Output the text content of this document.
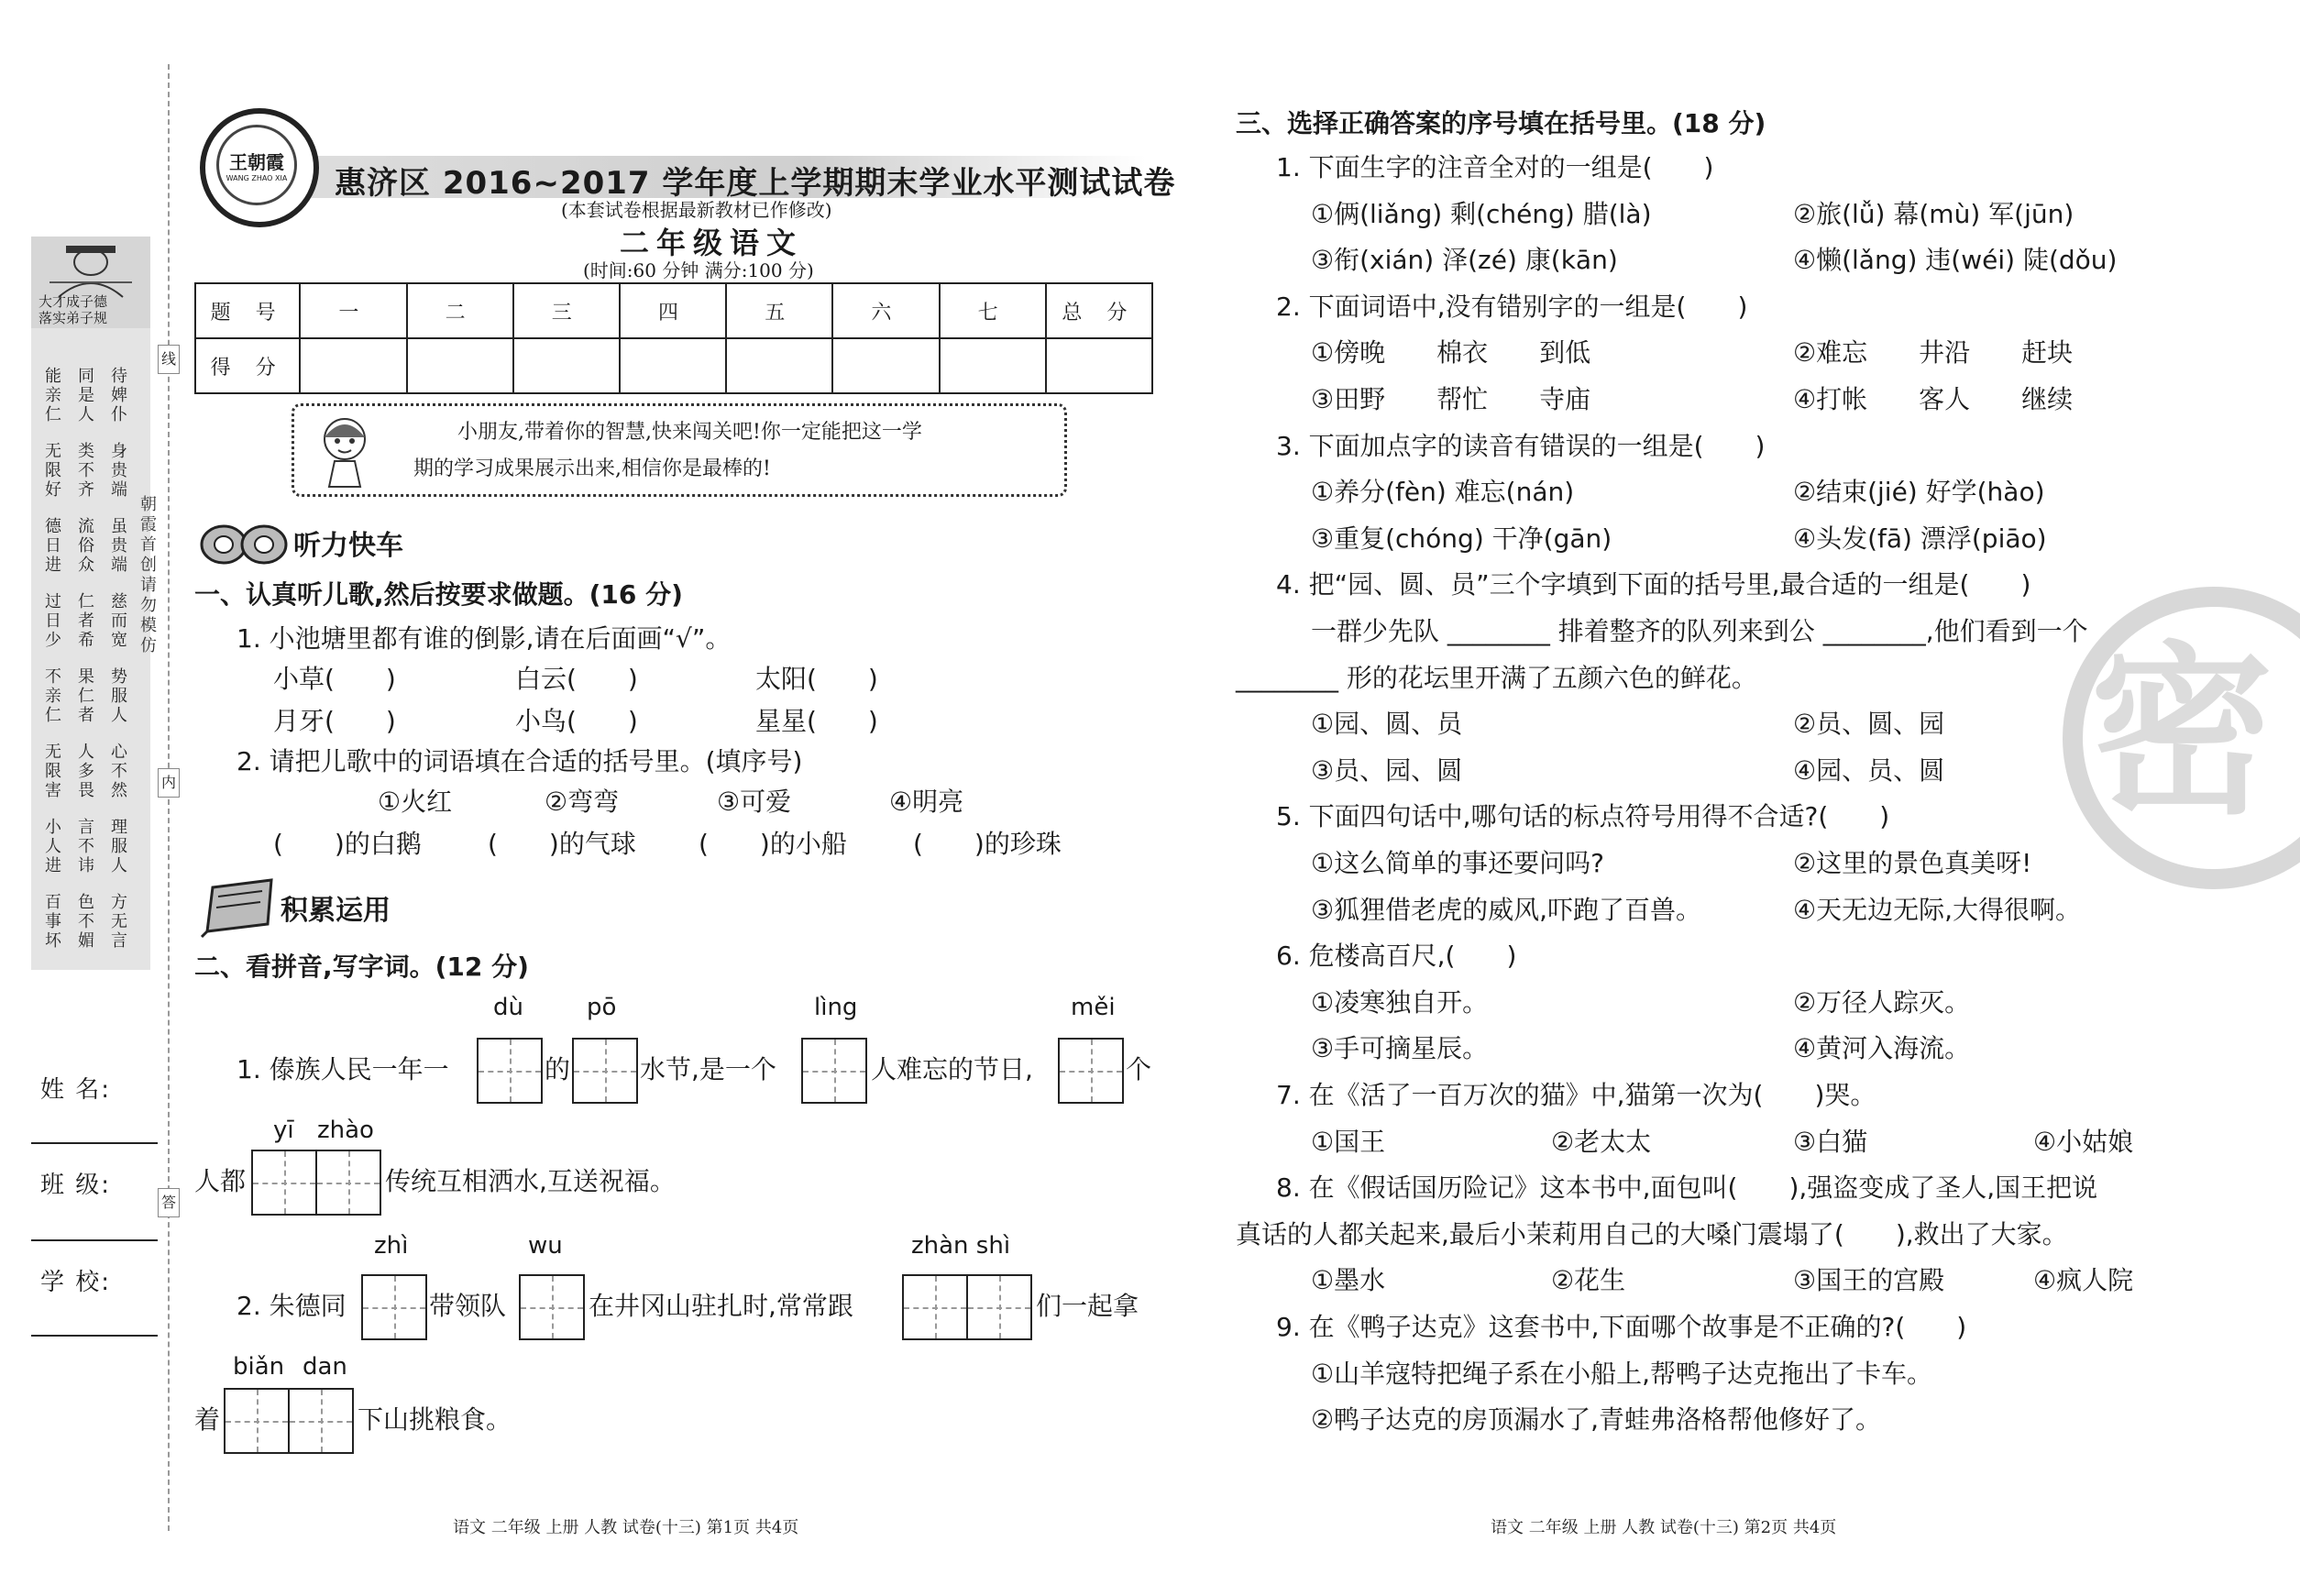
大才成子德
落实弟子规
能亲仁
同是人
待婢仆
无限好
类不齐
身贵端
德日进
流俗众
虽贵端
过日少
仁者希
慈而宽
不亲仁
果仁者
势服人
无限害
人多畏
心不然
小人进
言不讳
理服人
百事坏
色不媚
方无言
朝霞首创 请勿模仿
线
内
答
姓 名:
班 级:
学 校:
王朝霞
WANG ZHAO XIA 惠济区 2016~2017 学年度上学期期末学业水平测试试卷
(本套试卷根据最新教材已作修改)
二年级语文
(时间:60 分钟 满分:100 分)
题 号	一	二	三	四	五	六	七	总 分
得 分								
小朋友,带着你的智慧,快来闯关吧!你一定能把这一学
期的学习成果展示出来,相信你是最棒的!
听力快车
一、认真听儿歌,然后按要求做题。(16 分)
1. 小池塘里都有谁的倒影,请在后面画“√”。
小草(　　)	白云(　　)	太阳(　　)
月牙(　　)	小鸟(　　)	星星(　　)
2. 请把儿歌中的词语填在合适的括号里。(填序号)
①火红	②弯弯	③可爱	④明亮
(　　)的白鹅	(　　)的气球 (　　)的小船	(　　)的珍珠
积累运用
二、看拼音,写字词。(12 分)
dù	pō	lìng	měi
1. 傣族人民一年一	的	水节,是一个	人难忘的节日,	个
yī zhào
人都	传统互相洒水,互送祝福。
zhì	wu	zhàn shì
2. 朱德同	带领队	在井冈山驻扎时,常常跟	们一起拿
biǎn dan
着	下山挑粮食。
语文 二年级 上册 人教 试卷(十三) 第1页 共4页
密
三、选择正确答案的序号填在括号里。(18 分)
1. 下面生字的注音全对的一组是(　　)
①俩(liǎng) 剩(chéng) 腊(là)	②旅(lǚ) 幕(mù) 军(jūn)
③衔(xián) 泽(zé) 康(kān)	④懒(lǎng) 违(wéi) 陡(dǒu)
2. 下面词语中,没有错别字的一组是(　　)
①傍晚　　棉衣　　到低	②难忘　　井沿　　赶块
③田野　　帮忙　　寺庙	④打帐　　客人　　继续
3. 下面加点字的读音有错误的一组是(　　)
①养分(fèn) 难忘(nán)	②结束(jié) 好学(hào)
③重复(chóng) 干净(gān)	④头发(fā) 漂浮(piāo)
4. 把“园、圆、员”三个字填到下面的括号里,最合适的一组是(　　)
一群少先队 ________ 排着整齐的队列来到公 ________,他们看到一个
________ 形的花坛里开满了五颜六色的鲜花。
①园、圆、员	②员、圆、园
③员、园、圆	④园、员、圆
5. 下面四句话中,哪句话的标点符号用得不合适?(　　)
①这么简单的事还要问吗?	②这里的景色真美呀!
③狐狸借老虎的威风,吓跑了百兽。	④天无边无际,大得很啊。
6. 危楼高百尺,(　　)
①凌寒独自开。	②万径人踪灭。
③手可摘星辰。	④黄河入海流。
7. 在《活了一百万次的猫》中,猫第一次为(　　)哭。
①国王	②老太太	③白猫	④小姑娘
8. 在《假话国历险记》这本书中,面包叫(　　),强盗变成了圣人,国王把说
真话的人都关起来,最后小茉莉用自己的大嗓门震塌了(　　),救出了大家。
①墨水	②花生	③国王的宫殿	④疯人院
9. 在《鸭子达克》这套书中,下面哪个故事是不正确的?(　　)
①山羊寇特把绳子系在小船上,帮鸭子达克拖出了卡车。
②鸭子达克的房顶漏水了,青蛙弗洛格帮他修好了。
语文 二年级 上册 人教 试卷(十三) 第2页 共4页
